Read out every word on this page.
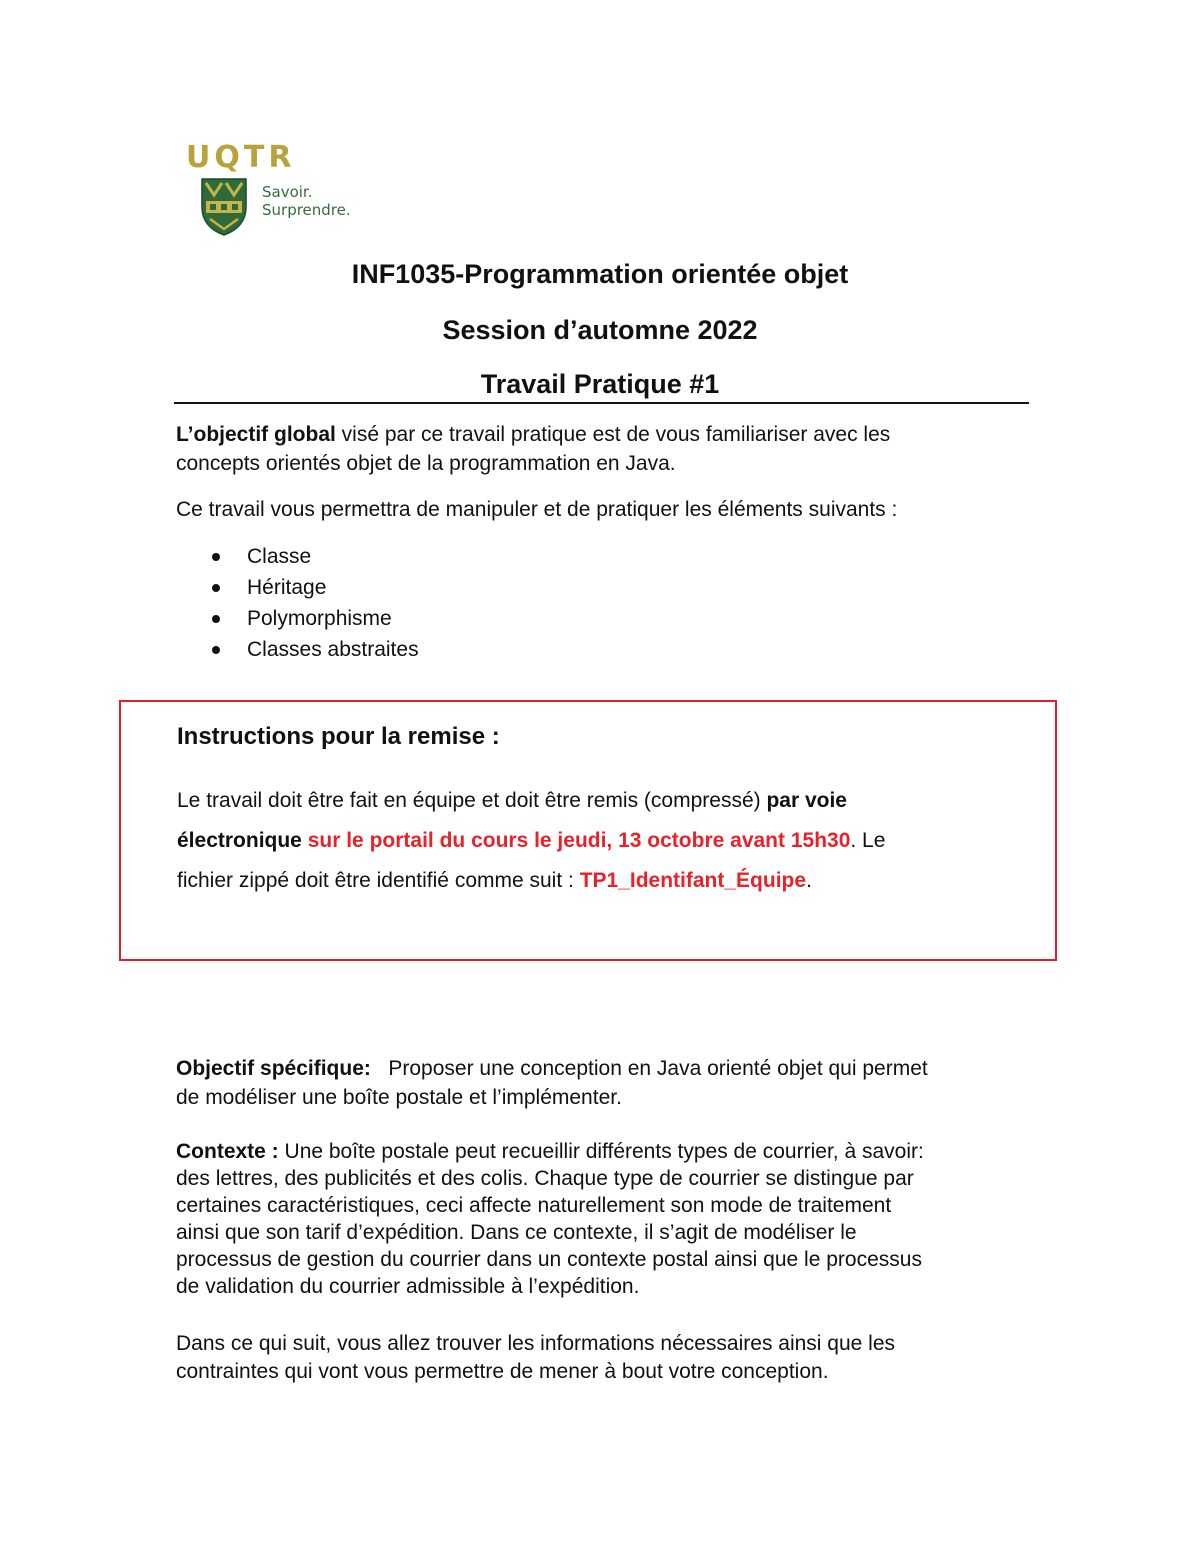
UQTR
Savoir.
Surprendre.
INF1035-Programmation orientée objet
Session d’automne 2022
Travail Pratique #1
L’objectif global visé par ce travail pratique est de vous familiariser avec les
concepts orientés objet de la programmation en Java.
Ce travail vous permettra de manipuler et de pratiquer les éléments suivants :
Classe
Héritage
Polymorphisme
Classes abstraites
Instructions pour la remise :
Le travail doit être fait en équipe et doit être remis (compressé) par voie
électronique sur le portail du cours le jeudi, 13 octobre avant 15h30. Le
fichier zippé doit être identifié comme suit : TP1_Identifant_Équipe.
Objectif spécifique:   Proposer une conception en Java orienté objet qui permet
de modéliser une boîte postale et l’implémenter.
Contexte : Une boîte postale peut recueillir différents types de courrier, à savoir:
des lettres, des publicités et des colis. Chaque type de courrier se distingue par
certaines caractéristiques, ceci affecte naturellement son mode de traitement
ainsi que son tarif d’expédition. Dans ce contexte, il s’agit de modéliser le
processus de gestion du courrier dans un contexte postal ainsi que le processus
de validation du courrier admissible à l’expédition.
Dans ce qui suit, vous allez trouver les informations nécessaires ainsi que les
contraintes qui vont vous permettre de mener à bout votre conception.
